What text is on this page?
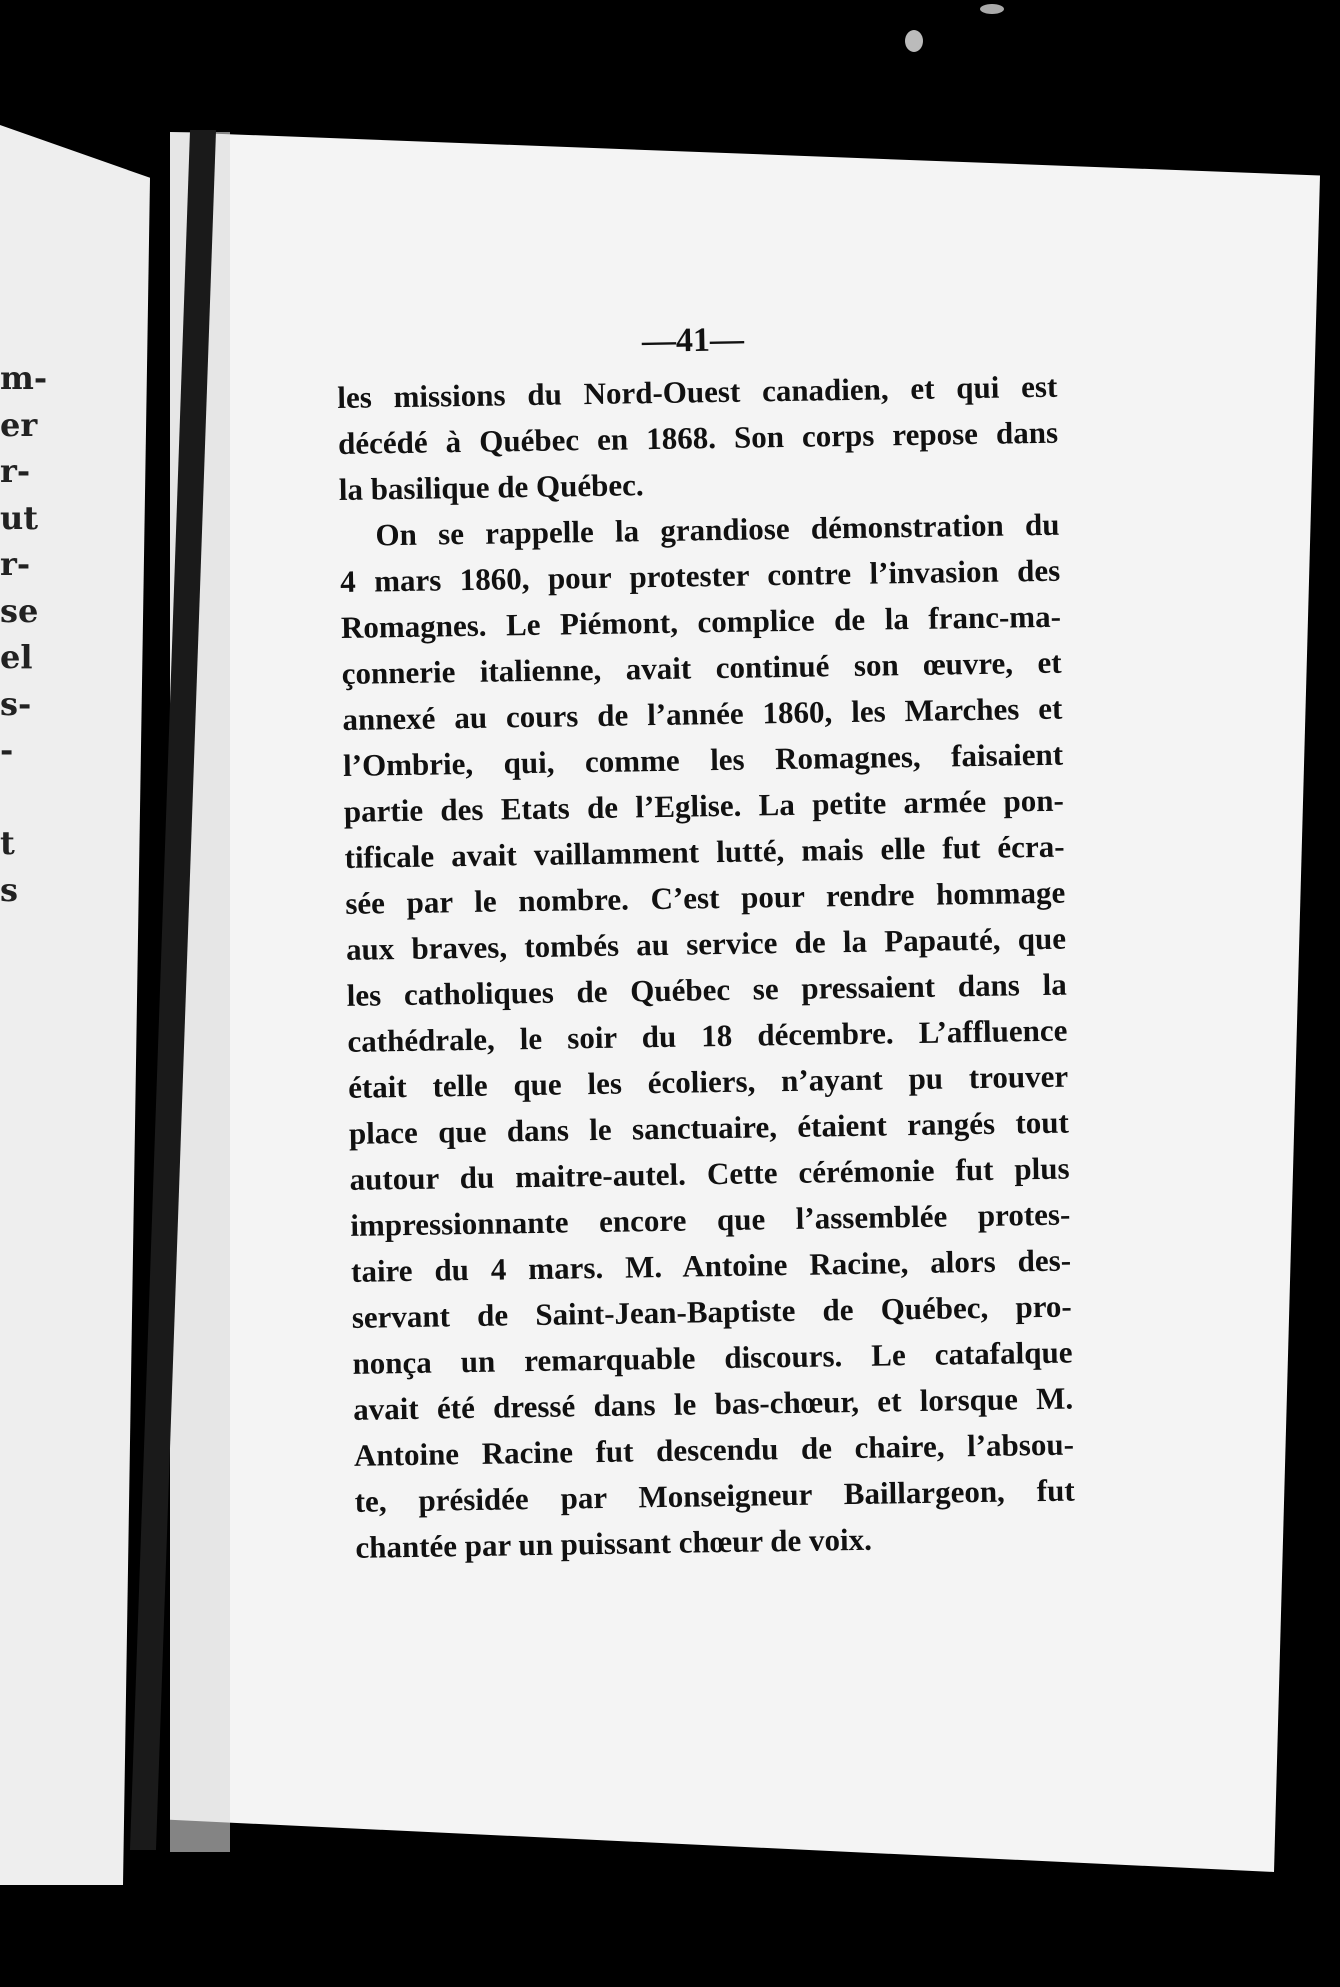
m-
er
r-
ut
r-
se
el
s-
-
t
s
—41—
les missions du Nord-Ouest canadien, et qui est
décédé à Québec en 1868. Son corps repose dans
la basilique de Québec.
On se rappelle la grandiose démonstration du
4 mars 1860, pour protester contre l’invasion des
Romagnes. Le Piémont, complice de la franc-ma-
çonnerie italienne, avait continué son œuvre, et
annexé au cours de l’année 1860, les Marches et
l’Ombrie, qui, comme les Romagnes, faisaient
partie des Etats de l’Eglise. La petite armée pon-
tificale avait vaillamment lutté, mais elle fut écra-
sée par le nombre. C’est pour rendre hommage
aux braves, tombés au service de la Papauté, que
les catholiques de Québec se pressaient dans la
cathédrale, le soir du 18 décembre. L’affluence
était telle que les écoliers, n’ayant pu trouver
place que dans le sanctuaire, étaient rangés tout
autour du maitre-autel. Cette cérémonie fut plus
impressionnante encore que l’assemblée protes-
taire du 4 mars. M. Antoine Racine, alors des-
servant de Saint-Jean-Baptiste de Québec, pro-
nonça un remarquable discours. Le catafalque
avait été dressé dans le bas-chœur, et lorsque M.
Antoine Racine fut descendu de chaire, l’absou-
te, présidée par Monseigneur Baillargeon, fut
chantée par un puissant chœur de voix.
